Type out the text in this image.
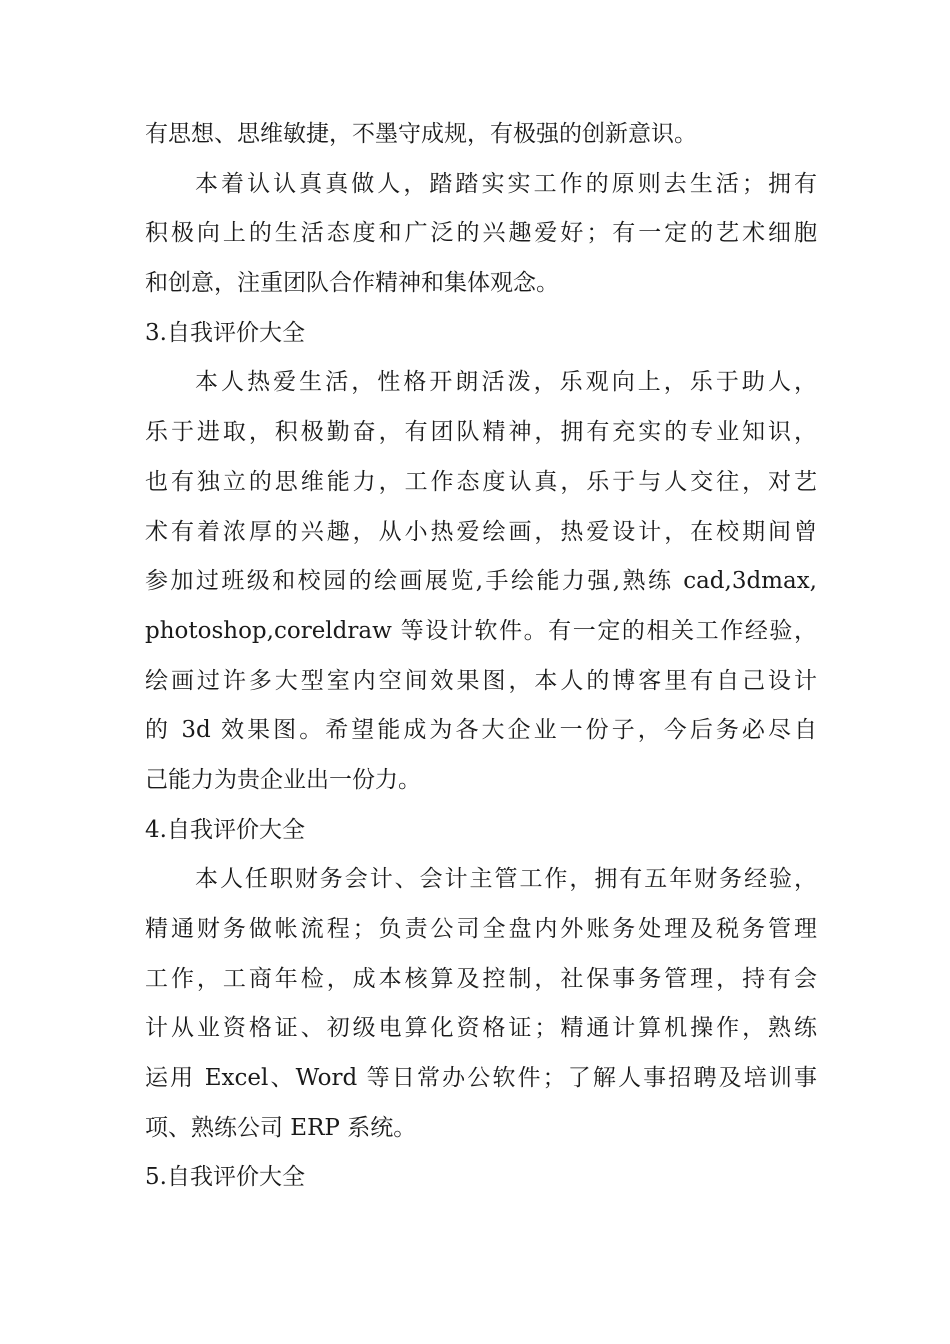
有思想、思维敏捷，不墨守成规，有极强的创新意识。
本着认认真真做人，踏踏实实工作的原则去生活；拥有
积极向上的生活态度和广泛的兴趣爱好；有一定的艺术细胞
和创意，注重团队合作精神和集体观念。
3.自我评价大全
本人热爱生活，性格开朗活泼，乐观向上，乐于助人，
乐于进取，积极勤奋，有团队精神，拥有充实的专业知识，
也有独立的思维能力，工作态度认真，乐于与人交往，对艺
术有着浓厚的兴趣，从小热爱绘画，热爱设计，在校期间曾
参加过班级和校园的绘画展览,手绘能力强,熟练 cad,3dmax,
photoshop,coreldraw 等设计软件。有一定的相关工作经验，
绘画过许多大型室内空间效果图，本人的博客里有自己设计
的 3d 效果图。希望能成为各大企业一份子，今后务必尽自
己能力为贵企业出一份力。
4.自我评价大全
本人任职财务会计、会计主管工作，拥有五年财务经验，
精通财务做帐流程；负责公司全盘内外账务处理及税务管理
工作，工商年检，成本核算及控制，社保事务管理，持有会
计从业资格证、初级电算化资格证；精通计算机操作，熟练
运用 Excel、Word 等日常办公软件；了解人事招聘及培训事
项、熟练公司 ERP 系统。
5.自我评价大全
